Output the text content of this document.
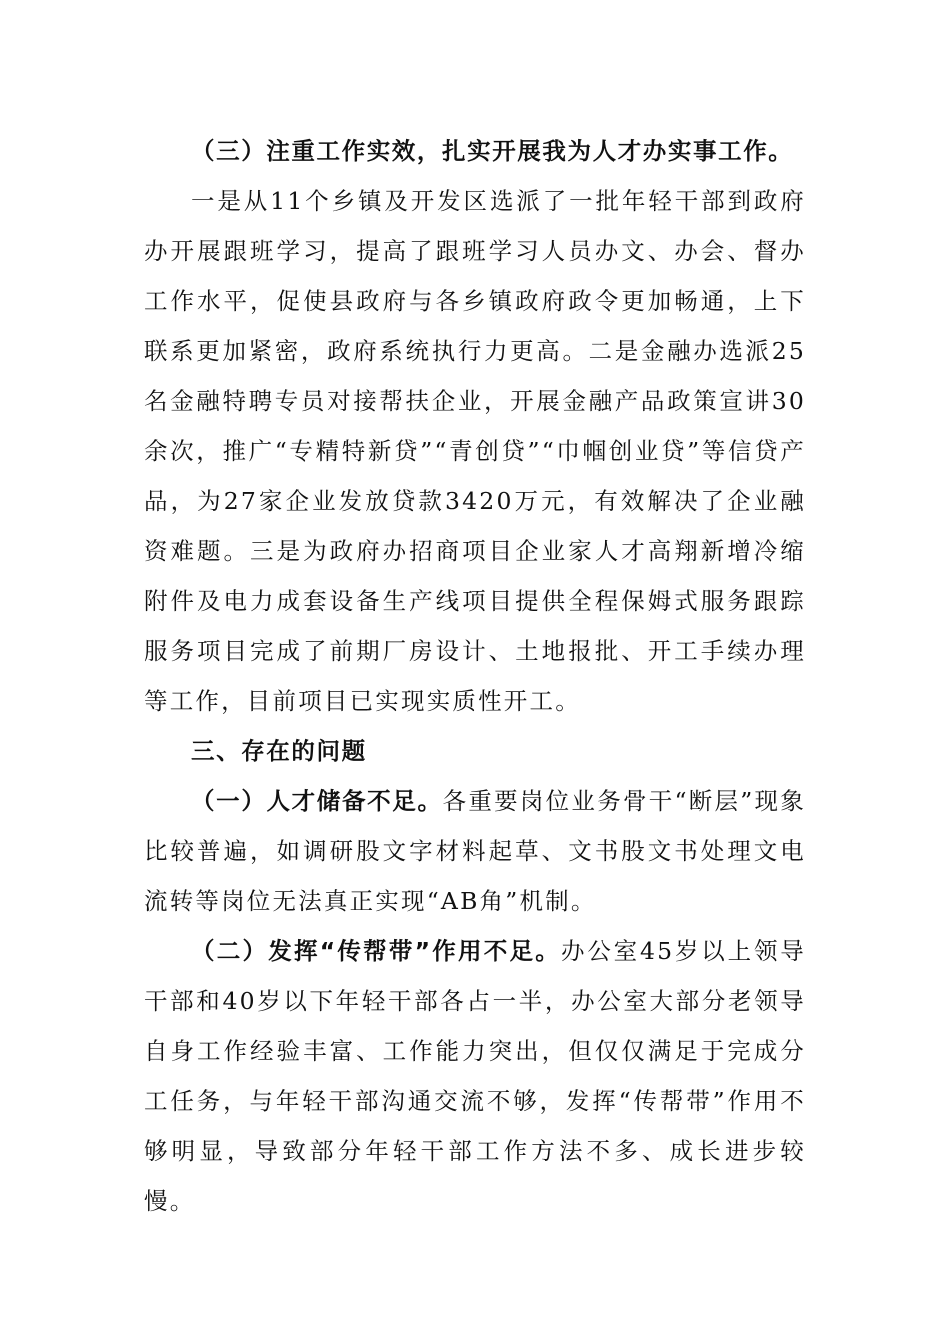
（三）注重工作实效，扎实开展我为人才办实事工作。

一是从11个乡镇及开发区选派了一批年轻干部到政府办开展跟班学习，提高了跟班学习人员办文、办会、督办工作水平，促使县政府与各乡镇政府政令更加畅通，上下联系更加紧密，政府系统执行力更高。二是金融办选派25名金融特聘专员对接帮扶企业，开展金融产品政策宣讲30余次，推广“专精特新贷”“青创贷”“巾帼创业贷”等信贷产品，为27家企业发放贷款3420万元，有效解决了企业融资难题。三是为政府办招商项目企业家人才高翔新增冷缩附件及电力成套设备生产线项目提供全程保姆式服务跟踪服务项目完成了前期厂房设计、土地报批、开工手续办理等工作，目前项目已实现实质性开工。

三、存在的问题

（一）人才储备不足。各重要岗位业务骨干“断层”现象比较普遍，如调研股文字材料起草、文书股文书处理文电流转等岗位无法真正实现“AB角”机制。

（二）发挥“传帮带”作用不足。办公室45岁以上领导干部和40岁以下年轻干部各占一半，办公室大部分老领导自身工作经验丰富、工作能力突出，但仅仅满足于完成分工任务，与年轻干部沟通交流不够，发挥“传帮带”作用不够明显，导致部分年轻干部工作方法不多、成长进步较慢。
